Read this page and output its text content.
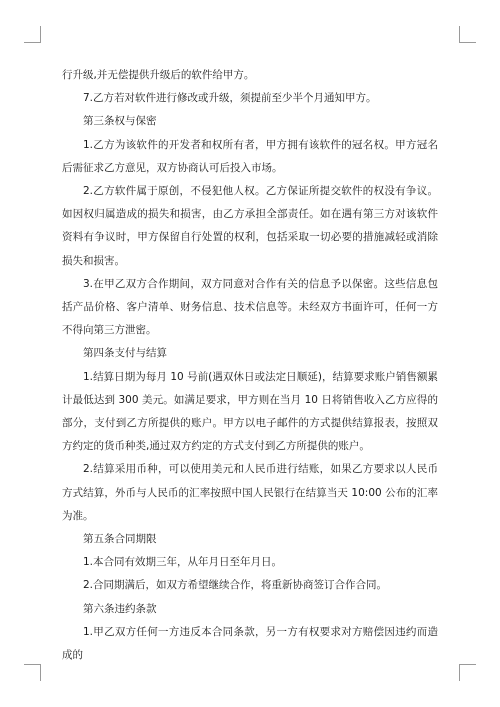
行升级,并无偿提供升级后的软件给甲方。

7.乙方若对软件进行修改或升级，须提前至少半个月通知甲方。

第三条权与保密

1.乙方为该软件的开发者和权所有者，甲方拥有该软件的冠名权。甲方冠名后需征求乙方意见，双方协商认可后投入市场。

2.乙方软件属于原创，不侵犯他人权。乙方保证所提交软件的权没有争议。如因权归属造成的损失和损害，由乙方承担全部责任。如在遇有第三方对该软件资料有争议时，甲方保留自行处置的权利，包括采取一切必要的措施减轻或消除损失和损害。

3.在甲乙双方合作期间，双方同意对合作有关的信息予以保密。这些信息包括产品价格、客户清单、财务信息、技术信息等。未经双方书面许可，任何一方不得向第三方泄密。

第四条支付与结算

1.结算日期为每月 10 号前(遇双休日或法定日顺延)，结算要求账户销售额累计最低达到 300 美元。如满足要求，甲方则在当月 10 日将销售收入乙方应得的部分，支付到乙方所提供的账户。甲方以电子邮件的方式提供结算报表，按照双方约定的货币种类,通过双方约定的方式支付到乙方所提供的账户。

2.结算采用币种，可以使用美元和人民币进行结账，如果乙方要求以人民币方式结算，外币与人民币的汇率按照中国人民银行在结算当天 10:00 公布的汇率为准。

第五条合同期限

1.本合同有效期三年，从年月日至年月日。

2.合同期满后，如双方希望继续合作，将重新协商签订合作合同。

第六条违约条款

1.甲乙双方任何一方违反本合同条款，另一方有权要求对方赔偿因违约而造成的
